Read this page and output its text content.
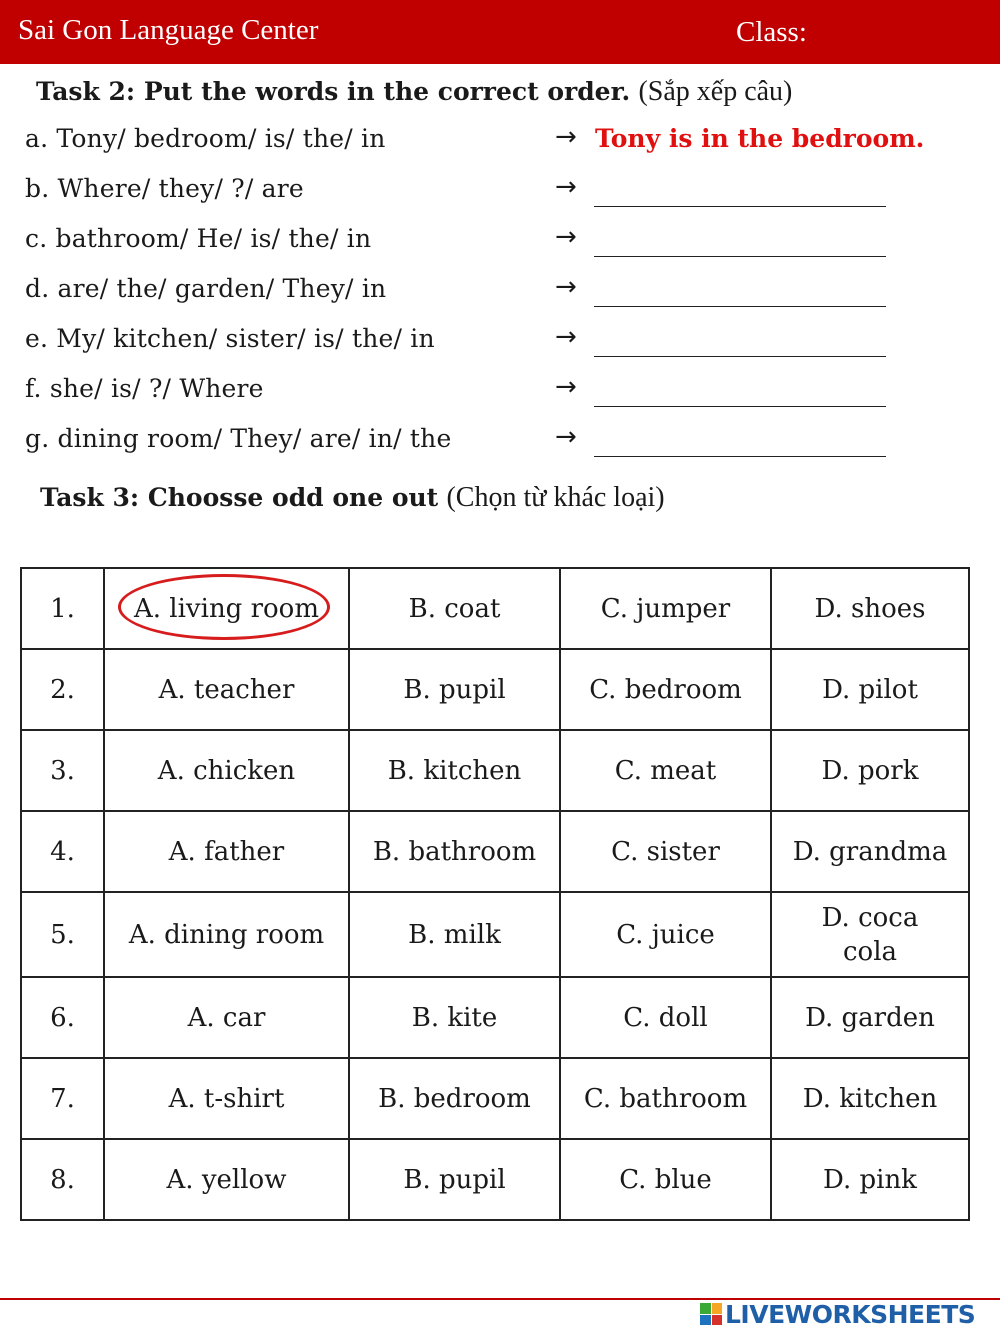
Sai Gon Language Center	Class:
Task 2: Put the words in the correct order. (Sắp xếp câu)
a. Tony/ bedroom/ is/ the/ in	→ Tony is in the bedroom.
b. Where/ they/ ?/ are	→
c. bathroom/ He/ is/ the/ in	→
d. are/ the/ garden/ They/ in	→
e. My/ kitchen/ sister/ is/ the/ in	→
f. she/ is/ ?/ Where	→
g. dining room/ They/ are/ in/ the	→
Task 3: Choosse odd one out (Chọn từ khác loại)
1.	A. living room	B. coat	C. jumper	D. shoes
2.	A. teacher	B. pupil	C. bedroom	D. pilot
3.	A. chicken	B. kitchen	C. meat	D. pork
4.	A. father	B. bathroom	C. sister	D. grandma
5.	A. dining room	B. milk	C. juice	D. coca cola
6.	A. car	B. kite	C. doll	D. garden
7.	A. t-shirt	B. bedroom	C. bathroom	D. kitchen
8.	A. yellow	B. pupil	C. blue	D. pink
LIVEWORKSHEETS
